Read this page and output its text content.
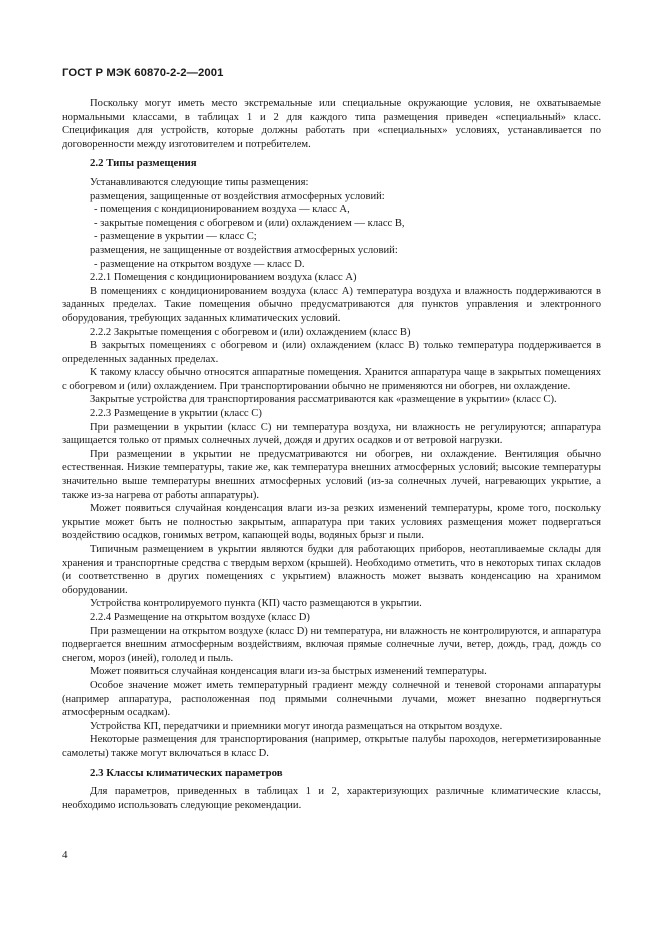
ГОСТ Р МЭК 60870-2-2—2001

Поскольку могут иметь место экстремальные или специальные окружающие условия, не охватываемые нормальными классами, в таблицах 1 и 2 для каждого типа размещения приведен «специальный» класс. Спецификация для устройств, которые должны работать при «специальных» условиях, устанавливается по договоренности между изготовителем и потребителем.

2.2 Типы размещения

Устанавливаются следующие типы размещения:

размещения, защищенные от воздействия атмосферных условий:

- помещения с кондиционированием воздуха — класс А,

- закрытые помещения с обогревом и (или) охлаждением — класс В,

- размещение в укрытии — класс С;

размещения, не защищенные от воздействия атмосферных условий:

- размещение на открытом воздухе — класс D.

2.2.1 Помещения с кондиционированием воздуха (класс А)

В помещениях с кондиционированием воздуха (класс А) температура воздуха и влажность поддерживаются в заданных пределах. Такие помещения обычно предусматриваются для пунктов управления и электронного оборудования, требующих заданных климатических условий.

2.2.2 Закрытые помещения с обогревом и (или) охлаждением (класс В)

В закрытых помещениях с обогревом и (или) охлаждением (класс В) только температура поддерживается в определенных заданных пределах.

К такому классу обычно относятся аппаратные помещения. Хранится аппаратура чаще в закрытых помещениях с обогревом и (или) охлаждением. При транспортировании обычно не применяются ни обогрев, ни охлаждение.

Закрытые устройства для транспортирования рассматриваются как «размещение в укрытии» (класс С).

2.2.3 Размещение в укрытии (класс С)

При размещении в укрытии (класс С) ни температура воздуха, ни влажность не регулируются; аппаратура защищается только от прямых солнечных лучей, дождя и других осадков и от ветровой нагрузки.

При размещении в укрытии не предусматриваются ни обогрев, ни охлаждение. Вентиляция обычно естественная. Низкие температуры, такие же, как температура внешних атмосферных условий; высокие температуры значительно выше температуры внешних атмосферных условий (из-за солнечных лучей, нагревающих укрытие, а также из-за нагрева от работы аппаратуры).

Может появиться случайная конденсация влаги из-за резких изменений температуры, кроме того, поскольку укрытие может быть не полностью закрытым, аппаратура при таких условиях размещения может подвергаться воздействию осадков, гонимых ветром, капающей воды, водяных брызг и пыли.

Типичным размещением в укрытии являются будки для работающих приборов, неотапливаемые склады для хранения и транспортные средства с твердым верхом (крышей). Необходимо отметить, что в некоторых типах складов (и соответственно в других помещениях с укрытием) влажность может вызвать конденсацию на хранимом оборудовании.

Устройства контролируемого пункта (КП) часто размещаются в укрытии.

2.2.4 Размещение на открытом воздухе (класс D)

При размещении на открытом воздухе (класс D) ни температура, ни влажность не контролируются, и аппаратура подвергается внешним атмосферным воздействиям, включая прямые солнечные лучи, ветер, дождь, град, дождь со снегом, мороз (иней), гололед и пыль.

Может появиться случайная конденсация влаги из-за быстрых изменений температуры.

Особое значение может иметь температурный градиент между солнечной и теневой сторонами аппаратуры (например аппаратура, расположенная под прямыми солнечными лучами, может внезапно подвергнуться атмосферным осадкам).

Устройства КП, передатчики и приемники могут иногда размещаться на открытом воздухе.

Некоторые размещения для транспортирования (например, открытые палубы пароходов, негерметизированные самолеты) также могут включаться в класс D.

2.3 Классы климатических параметров

Для параметров, приведенных в таблицах 1 и 2, характеризующих различные климатические классы, необходимо использовать следующие рекомендации.

4
